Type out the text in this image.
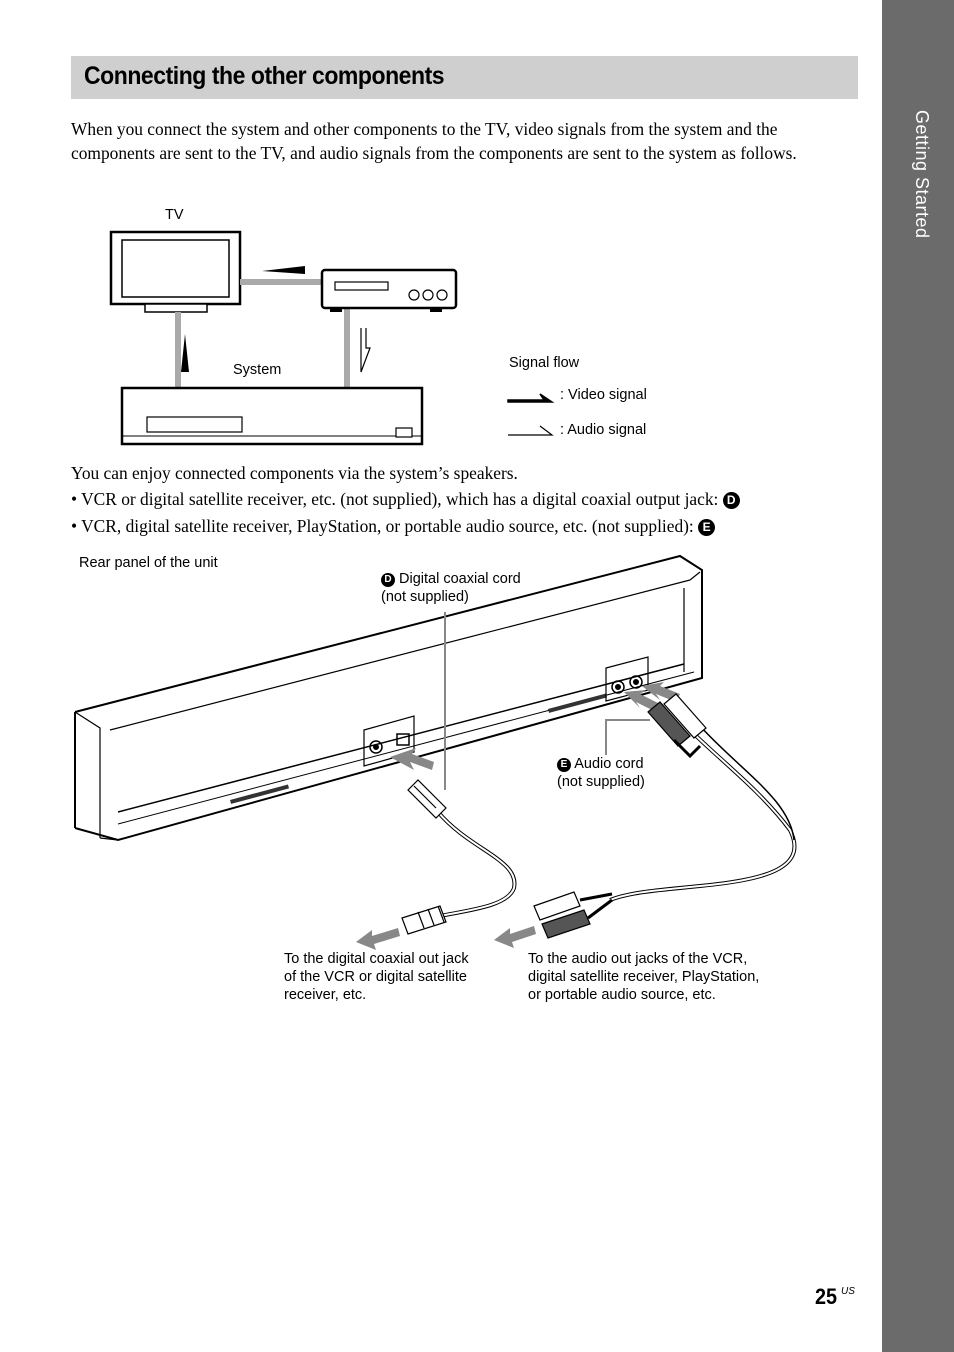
Getting Started
Connecting the other components
When you connect the system and other components to the TV, video signals from the system and the components are sent to the TV, and audio signals from the components are sent to the system as follows.
TV
System	Signal flow
: Video signal
: Audio signal
You can enjoy connected components via the system’s speakers.
• VCR or digital satellite receiver, etc. (not supplied), which has a digital coaxial output jack: D
• VCR, digital satellite receiver, PlayStation, or portable audio source, etc. (not supplied): E
Rear panel of the unit
D Digital coaxial cord
(not supplied)
E Audio cord
(not supplied)
To the digital coaxial out jack
of the VCR or digital satellite
receiver, etc.
To the audio out jacks of the VCR,
digital satellite receiver, PlayStation,
or portable audio source, etc.
25 US
